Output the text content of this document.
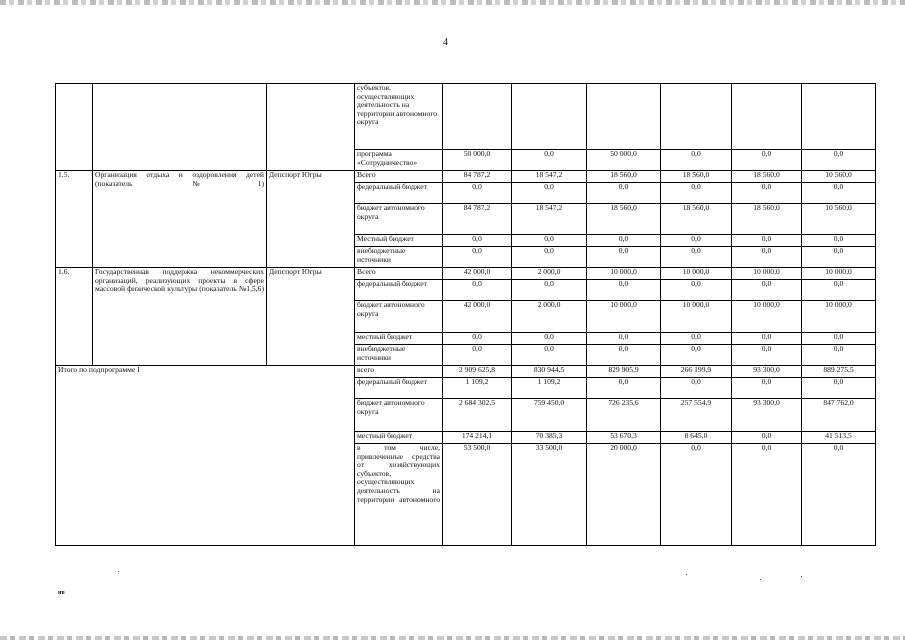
4
			субъектов, осуществляющих деятельность на территории автономного округа						
			программа «Сотрудничество»	50 000,0	0,0	50 000,0	0,0	0,0	0,0
1.5.	Организация отдыха и оздоровления детей (показатель №1)	Депспорт Югры	Всего	84 787,2	18 547,2	18 560,0	18 560,0	18 560,0	10 560,0
			федеральный бюджет	0,0	0,0	0,0	0,0	0,0	0,0
			бюджет автономного округа	84 787,2	18 547,2	18 560,0	18 560,0	18 560,0	10 560,0
			Местный бюджет	0,0	0,0	0,0	0,0	0,0	0,0
			внебюджетные источники	0,0	0,0	0,0	0,0	0,0	0,0
1.6.	Государственная поддержка некоммерческих организаций, реализующих проекты в сфере массовой физической культуры (показатель №1,5,6)	Депспорт Югры	Всего	42 000,0	2 000,0	10 000,0	10 000,0	10 000,0	10 000,0
			федеральный бюджет	0,0	0,0	0,0	0,0	0,0	0,0
			бюджет автономного округа	42 000,0	2 000,0	10 000,0	10 000,0	10 000,0	10 000,0
			местный бюджет	0,0	0,0	0,0	0,0	0,0	0,0
			внебюджетные источники	0,0	0,0	0,0	0,0	0,0	0,0
Итого по подпрограмме I			всего	2 909 625,8	830 944,5	829 905,9	266 199,9	93 300,0	889 275,5
			федеральный бюджет	1 109,2	1 109,2	0,0	0,0	0,0	0,0
			бюджет автономного округа	2 684 302,5	759 450,0	726 235,6	257 554,9	93 300,0	847 762,0
			местный бюджет	174 214,1	70 385,3	53 670,3	8 645,0	0,0	41 513,5
			в том числе, привлеченные средства от хозяйствующих субъектов, осуществляющих деятельность на территории автономного	53 500,0	33 500,0	20 000,0	0,0	0,0	0,0
нв
